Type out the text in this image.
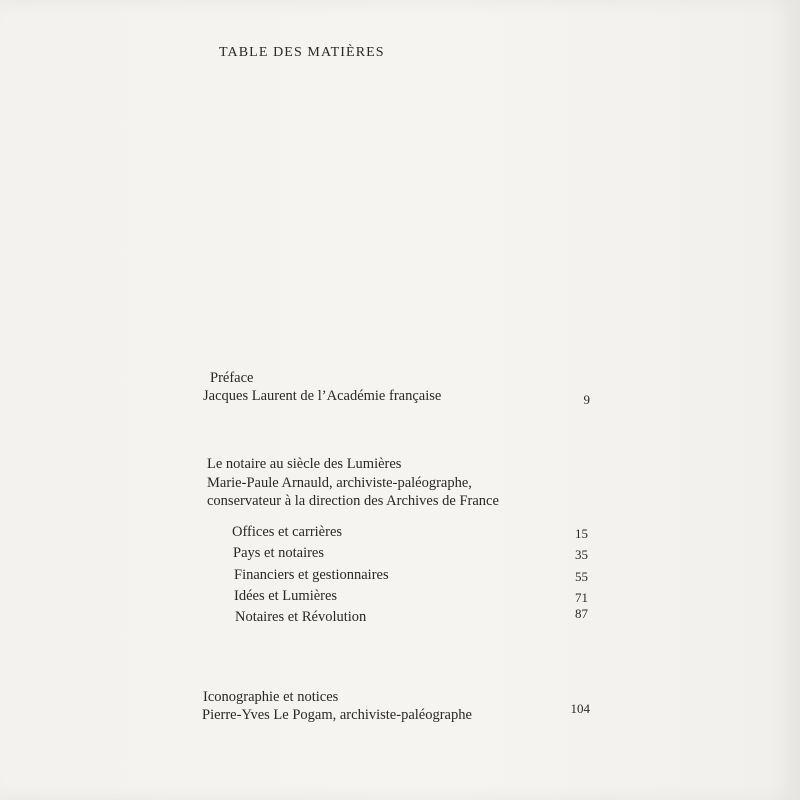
TABLE DES MATIÈRES
Préface
Jacques Laurent de l’Académie française	9
Le notaire au siècle des Lumières
Marie-Paule Arnauld, archiviste-paléographe,
conservateur à la direction des Archives de France
Offices et carrières	15
Pays et notaires	35
Financiers et gestionnaires	55
Idées et Lumières	71
Notaires et Révolution	87
Iconographie et notices
Pierre-Yves Le Pogam, archiviste-paléographe	104
